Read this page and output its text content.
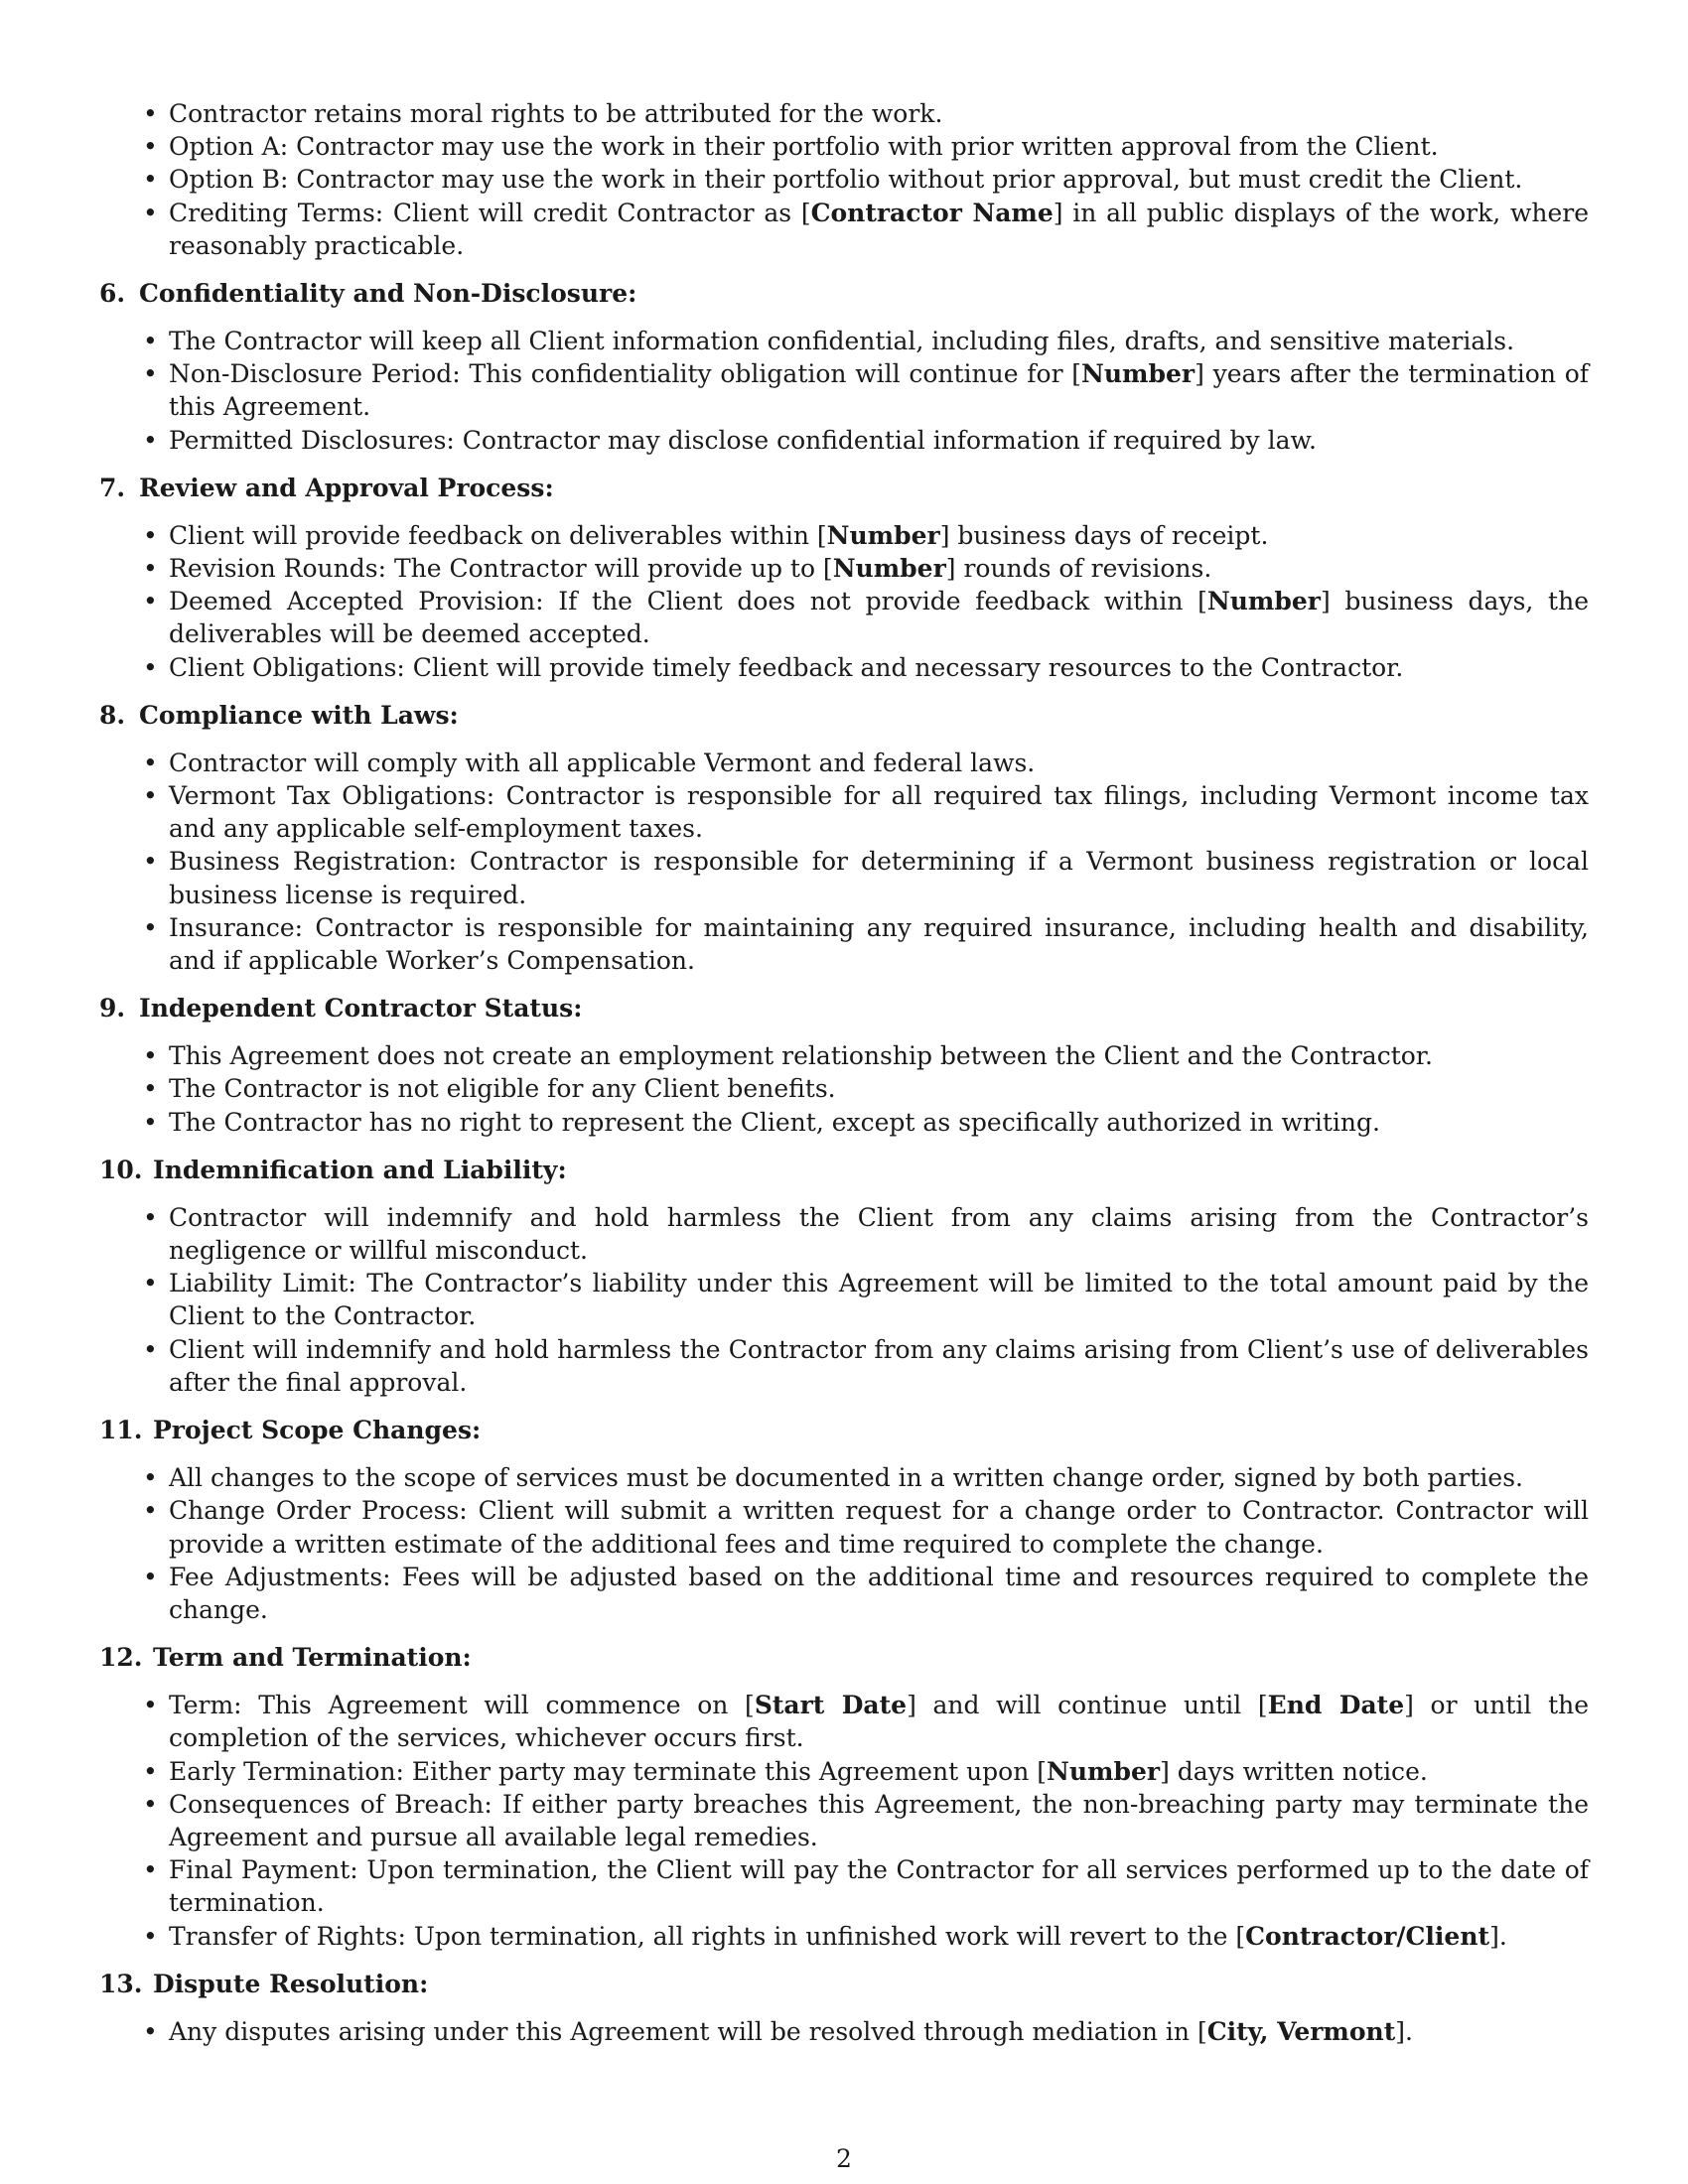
• Contractor retains moral rights to be attributed for the work.
• Option A: Contractor may use the work in their portfolio with prior written approval from the Client.
• Option B: Contractor may use the work in their portfolio without prior approval, but must credit the Client.
• Crediting Terms: Client will credit Contractor as [Contractor Name] in all public displays of the work, where reasonably practicable.
6. Confidentiality and Non-Disclosure:
• The Contractor will keep all Client information confidential, including files, drafts, and sensitive materials.
• Non-Disclosure Period: This confidentiality obligation will continue for [Number] years after the termination of this Agreement.
• Permitted Disclosures: Contractor may disclose confidential information if required by law.
7. Review and Approval Process:
• Client will provide feedback on deliverables within [Number] business days of receipt.
• Revision Rounds: The Contractor will provide up to [Number] rounds of revisions.
• Deemed Accepted Provision: If the Client does not provide feedback within [Number] business days, the deliverables will be deemed accepted.
• Client Obligations: Client will provide timely feedback and necessary resources to the Contractor.
8. Compliance with Laws:
• Contractor will comply with all applicable Vermont and federal laws.
• Vermont Tax Obligations: Contractor is responsible for all required tax filings, including Vermont income tax and any applicable self-employment taxes.
• Business Registration: Contractor is responsible for determining if a Vermont business registration or local business license is required.
• Insurance: Contractor is responsible for maintaining any required insurance, including health and disability, and if applicable Worker’s Compensation.
9. Independent Contractor Status:
• This Agreement does not create an employment relationship between the Client and the Contractor.
• The Contractor is not eligible for any Client benefits.
• The Contractor has no right to represent the Client, except as specifically authorized in writing.
10. Indemnification and Liability:
• Contractor will indemnify and hold harmless the Client from any claims arising from the Contractor’s negligence or willful misconduct.
• Liability Limit: The Contractor’s liability under this Agreement will be limited to the total amount paid by the Client to the Contractor.
• Client will indemnify and hold harmless the Contractor from any claims arising from Client’s use of deliverables after the final approval.
11. Project Scope Changes:
• All changes to the scope of services must be documented in a written change order, signed by both parties.
• Change Order Process: Client will submit a written request for a change order to Contractor. Contractor will provide a written estimate of the additional fees and time required to complete the change.
• Fee Adjustments: Fees will be adjusted based on the additional time and resources required to complete the change.
12. Term and Termination:
• Term: This Agreement will commence on [Start Date] and will continue until [End Date] or until the completion of the services, whichever occurs first.
• Early Termination: Either party may terminate this Agreement upon [Number] days written notice.
• Consequences of Breach: If either party breaches this Agreement, the non-breaching party may terminate the Agreement and pursue all available legal remedies.
• Final Payment: Upon termination, the Client will pay the Contractor for all services performed up to the date of termination.
• Transfer of Rights: Upon termination, all rights in unfinished work will revert to the [Contractor/Client].
13. Dispute Resolution:
• Any disputes arising under this Agreement will be resolved through mediation in [City, Vermont].
2
